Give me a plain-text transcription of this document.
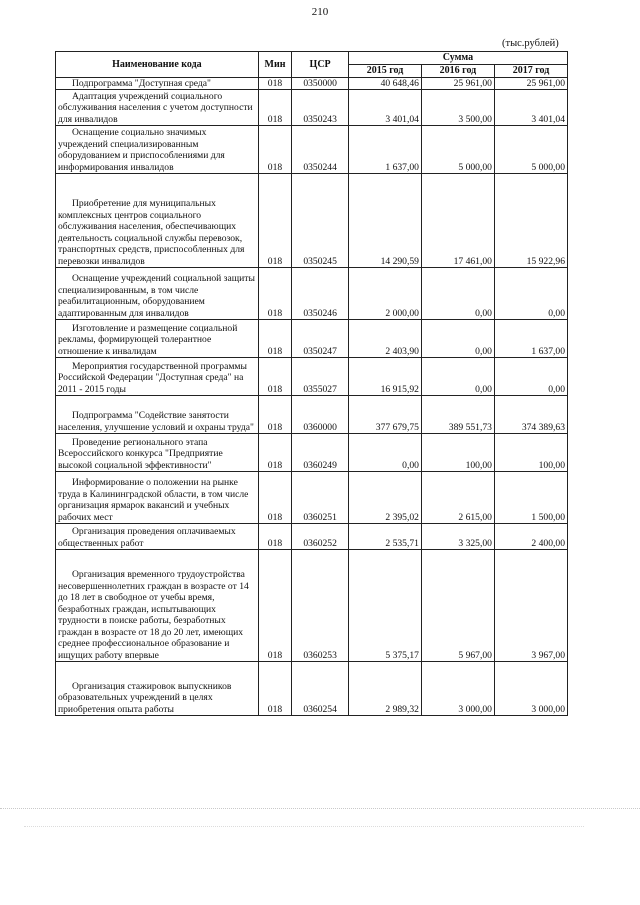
210
(тыс.рублей)
Наименование кода	Мин	ЦСР	Сумма		
			2015 год	2016 год	2017 год
Подпрограмма "Доступная среда"	018	0350000	40 648,46	25 961,00	25 961,00
Адаптация учреждений социального обслуживания населения с учетом доступности для инвалидов	018	0350243	3 401,04	3 500,00	3 401,04
Оснащение социально значимых учреждений специализированным оборудованием и приспособлениями для информирования инвалидов	018	0350244	1 637,00	5 000,00	5 000,00
Приобретение для муниципальных комплексных центров социального обслуживания населения, обеспечивающих деятельность социальной службы перевозок, транспортных средств, приспособленных для перевозки инвалидов	018	0350245	14 290,59	17 461,00	15 922,96
Оснащение учреждений социальной защиты специализированным, в том числе реабилитационным, оборудованием адаптированным для инвалидов	018	0350246	2 000,00	0,00	0,00
Изготовление и размещение социальной рекламы, формирующей толерантное отношение к инвалидам	018	0350247	2 403,90	0,00	1 637,00
Мероприятия государственной программы Российской Федерации "Доступная среда" на 2011 - 2015 годы	018	0355027	16 915,92	0,00	0,00
Подпрограмма "Содействие занятости населения, улучшение условий и охраны труда"	018	0360000	377 679,75	389 551,73	374 389,63
Проведение регионального этапа Всероссийского конкурса "Предприятие высокой социальной эффективности"	018	0360249	0,00	100,00	100,00
Информирование о положении на рынке труда в Калининградской области, в том числе организация ярмарок вакансий и учебных рабочих мест	018	0360251	2 395,02	2 615,00	1 500,00
Организация проведения оплачиваемых общественных работ	018	0360252	2 535,71	3 325,00	2 400,00
Организация временного трудоустройства несовершеннолетних граждан в возрасте от 14 до 18 лет в свободное от учебы время, безработных граждан, испытывающих трудности в поиске работы, безработных граждан в возрасте от 18 до 20 лет, имеющих среднее профессиональное образование и ищущих работу впервые	018	0360253	5 375,17	5 967,00	3 967,00
Организация стажировок выпускников образовательных учреждений в целях приобретения опыта работы	018	0360254	2 989,32	3 000,00	3 000,00
